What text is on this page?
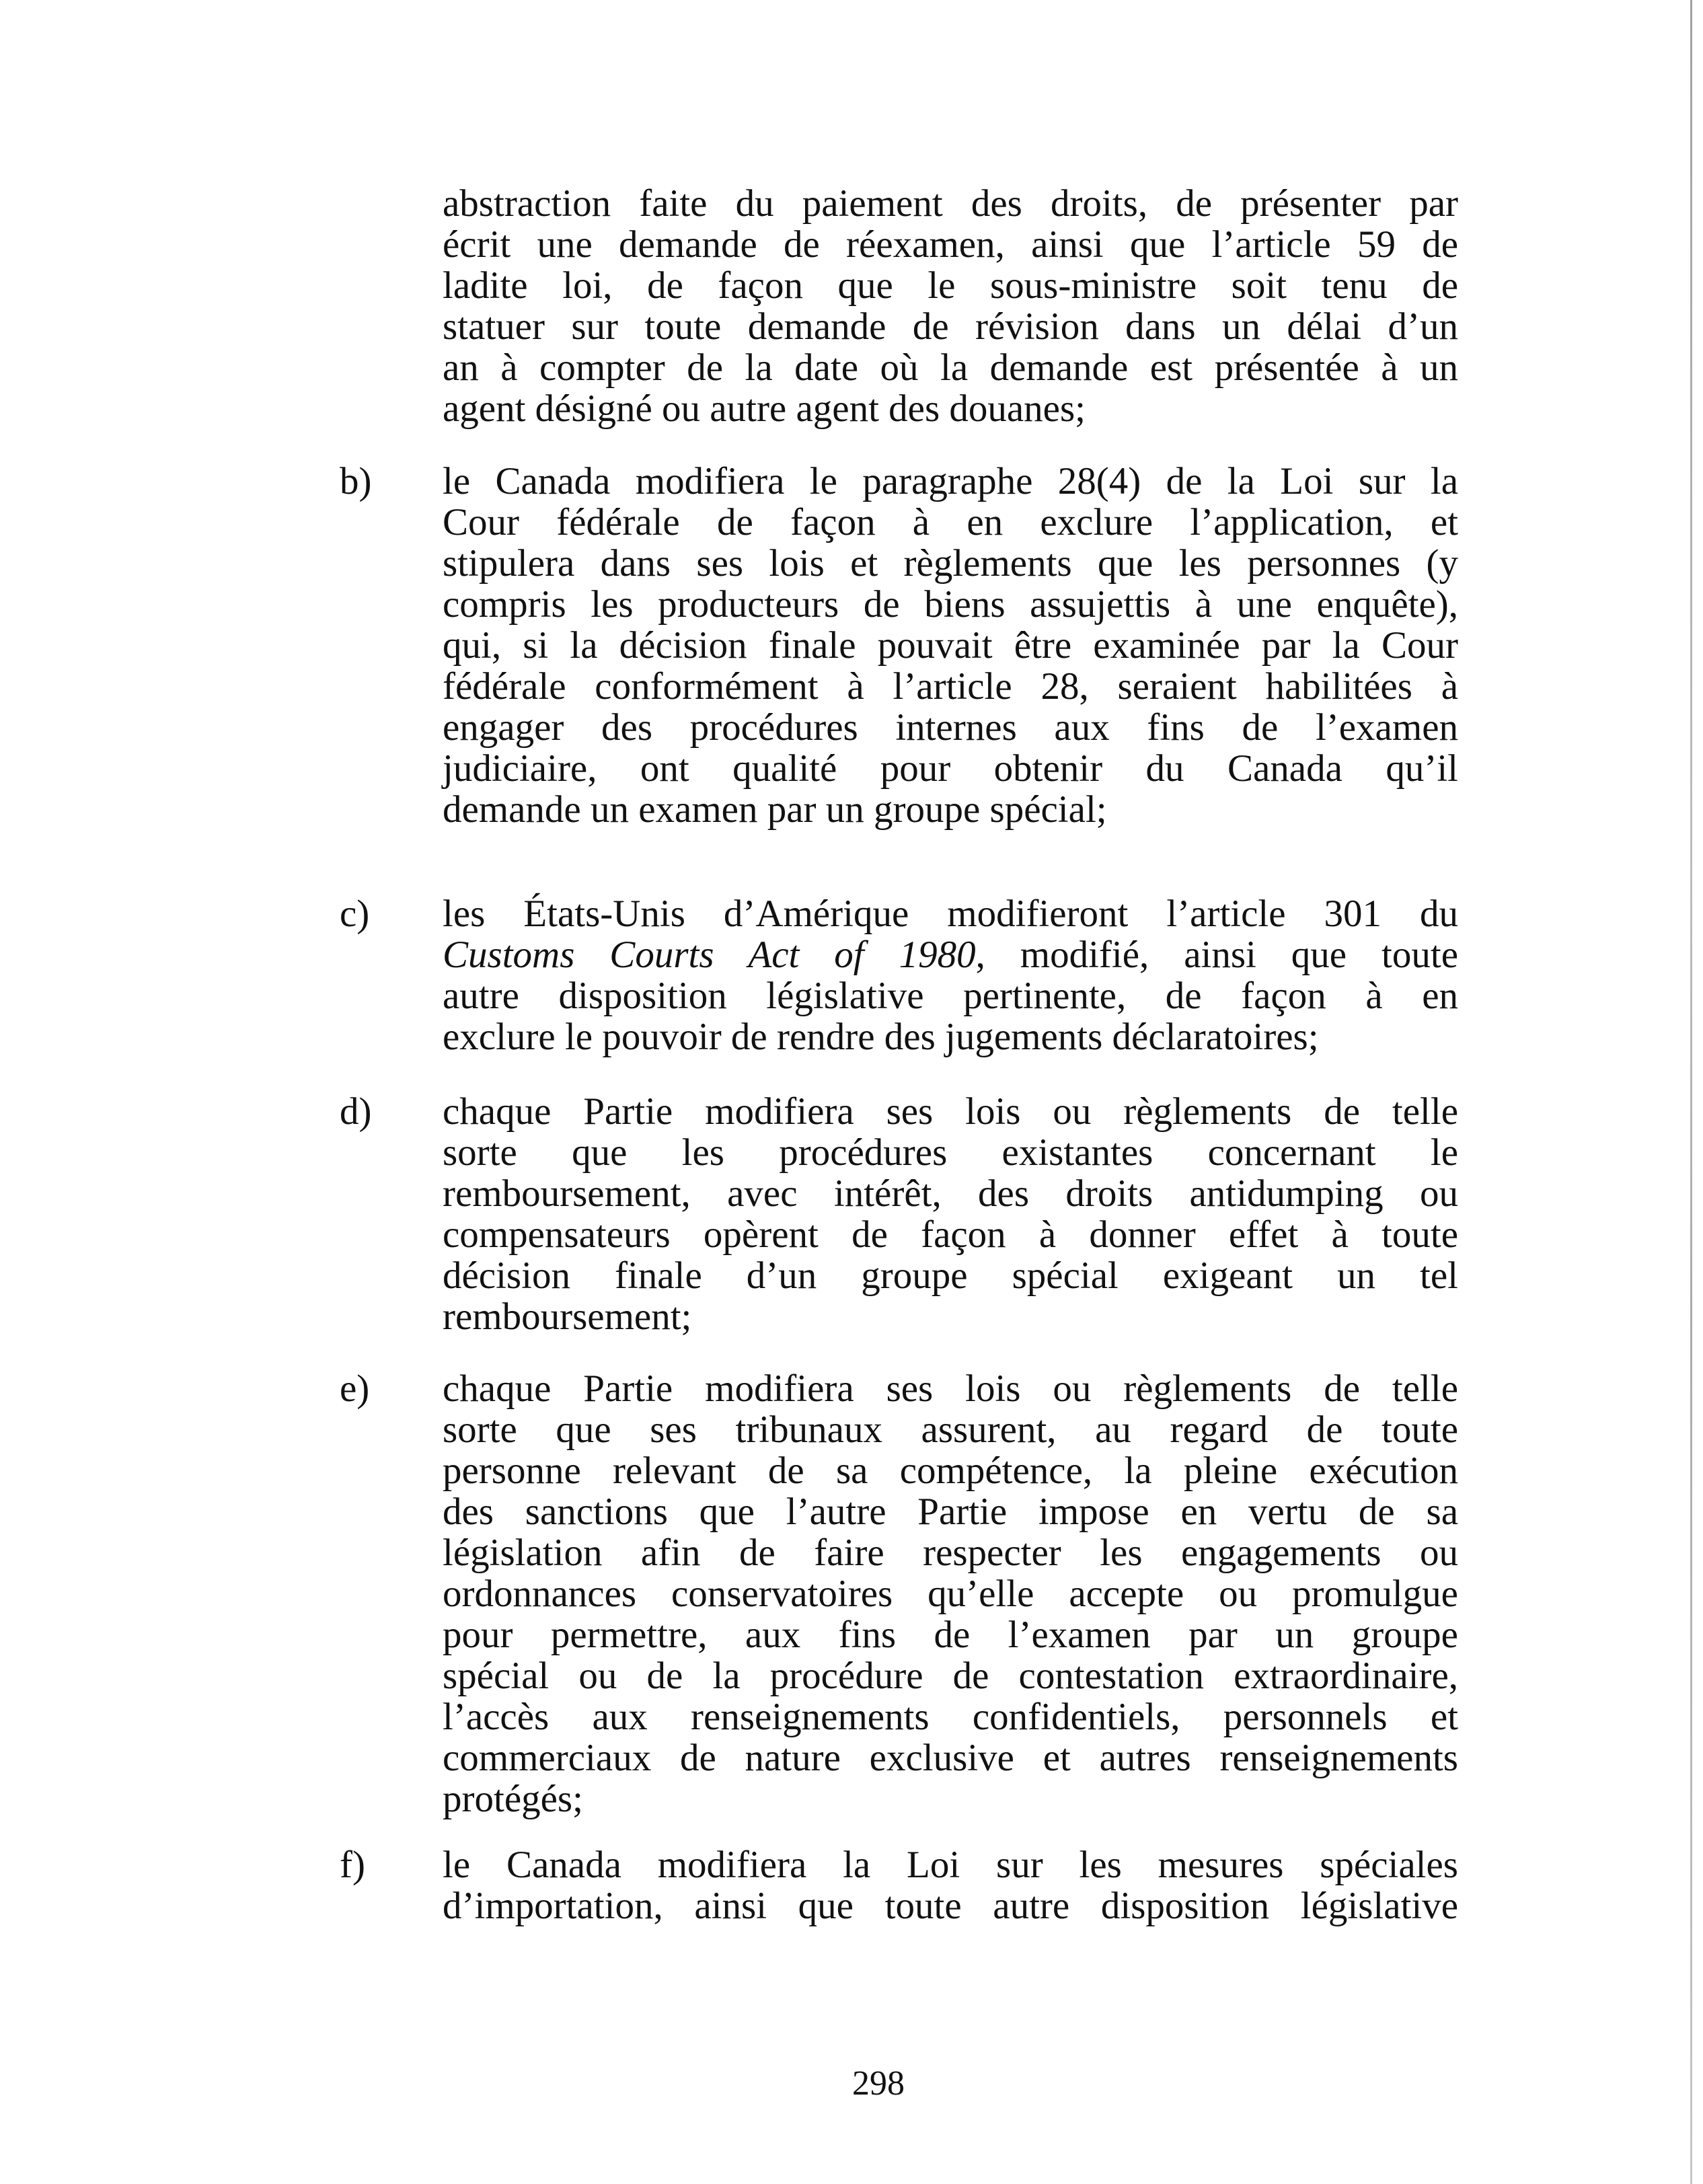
abstraction faite du paiement des droits, de présenter par
écrit une demande de réexamen, ainsi que l’article 59 de
ladite loi, de façon que le sous-ministre soit tenu de
statuer sur toute demande de révision dans un délai d’un
an à compter de la date où la demande est présentée à un
agent désigné ou autre agent des douanes;
b) le Canada modifiera le paragraphe 28(4) de la Loi sur la
Cour fédérale de façon à en exclure l’application, et
stipulera dans ses lois et règlements que les personnes (y
compris les producteurs de biens assujettis à une enquête),
qui, si la décision finale pouvait être examinée par la Cour
fédérale conformément à l’article 28, seraient habilitées à
engager des procédures internes aux fins de l’examen
judiciaire, ont qualité pour obtenir du Canada qu’il
demande un examen par un groupe spécial;
c) les États-Unis d’Amérique modifieront l’article 301 du
Customs Courts Act of 1980, modifié, ainsi que toute
autre disposition législative pertinente, de façon à en
exclure le pouvoir de rendre des jugements déclaratoires;
d) chaque Partie modifiera ses lois ou règlements de telle
sorte que les procédures existantes concernant le
remboursement, avec intérêt, des droits antidumping ou
compensateurs opèrent de façon à donner effet à toute
décision finale d’un groupe spécial exigeant un tel
remboursement;
e) chaque Partie modifiera ses lois ou règlements de telle
sorte que ses tribunaux assurent, au regard de toute
personne relevant de sa compétence, la pleine exécution
des sanctions que l’autre Partie impose en vertu de sa
législation afin de faire respecter les engagements ou
ordonnances conservatoires qu’elle accepte ou promulgue
pour permettre, aux fins de l’examen par un groupe
spécial ou de la procédure de contestation extraordinaire,
l’accès aux renseignements confidentiels, personnels et
commerciaux de nature exclusive et autres renseignements
protégés;
f) le Canada modifiera la Loi sur les mesures spéciales
d’importation, ainsi que toute autre disposition législative
298
